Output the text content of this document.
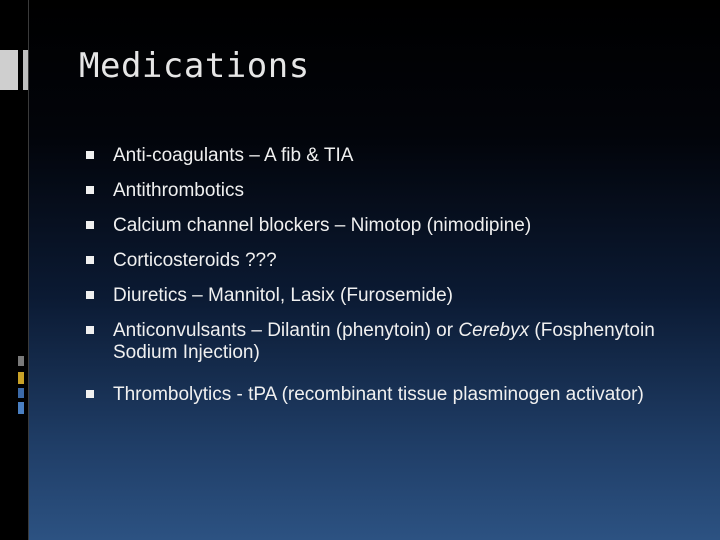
Medications
Anti-coagulants – A fib & TIA
Antithrombotics
Calcium channel blockers – Nimotop (nimodipine)
Corticosteroids ???
Diuretics – Mannitol, Lasix (Furosemide)
Anticonvulsants – Dilantin (phenytoin) or Cerebyx (Fosphenytoin Sodium Injection)
Thrombolytics - tPA (recombinant tissue plasminogen activator)
